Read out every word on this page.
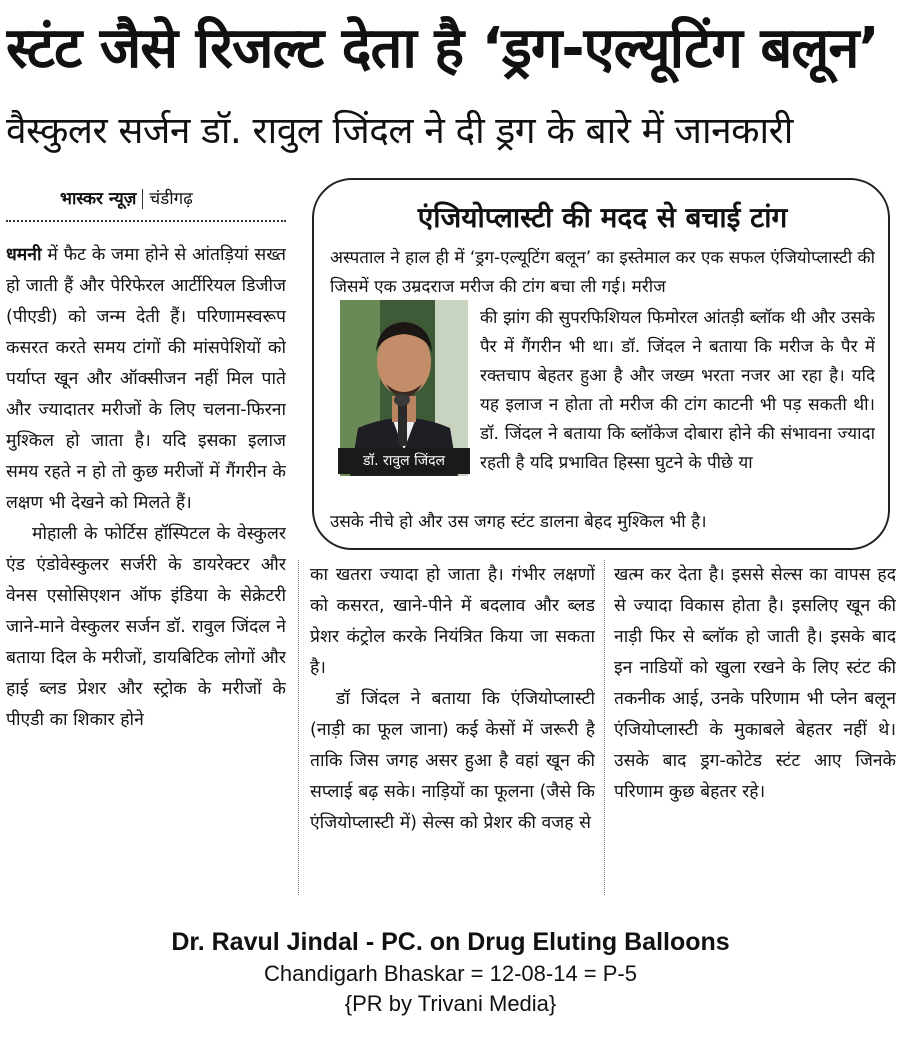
स्टंट जैसे रिजल्ट देता है ‘ड्रग-एल्यूटिंग बलून’
वैस्कुलर सर्जन डॉ. रावुल जिंदल ने दी ड्रग के बारे में जानकारी
भास्कर न्यूज़ चंडीगढ़

धमनी में फैट के जमा होने से आंतड़ियां सख्त हो जाती हैं और पेरिफेरल आर्टीरियल डिजीज (पीएडी) को जन्म देती हैं। परिणामस्वरूप कसरत करते समय टांगों की मांसपेशियों को पर्याप्त खून और ऑक्सीजन नहीं मिल पाते और ज्यादातर मरीजों के लिए चलना-फिरना मुश्किल हो जाता है। यदि इसका इलाज समय रहते न हो तो कुछ मरीजों में गैंगरीन के लक्षण भी देखने को मिलते हैं।

मोहाली के फोर्टिस हॉस्पिटल के वेस्कुलर एंड एंडोवेस्कुलर सर्जरी के डायरेक्टर और वेनस एसोसिएशन ऑफ इंडिया के सेक्रेटरी जाने-माने वेस्कुलर सर्जन डॉ. रावुल जिंदल ने बताया दिल के मरीजों, डायबिटिक लोगों और हाई ब्लड प्रेशर और स्ट्रोक के मरीजों के पीएडी का शिकार होने

का खतरा ज्यादा हो जाता है। गंभीर लक्षणों को कसरत, खाने-पीने में बदलाव और ब्लड प्रेशर कंट्रोल करके नियंत्रित किया जा सकता है।

डॉ जिंदल ने बताया कि एंजियोप्लास्टी (नाड़ी का फूल जाना) कई केसों में जरूरी है ताकि जिस जगह असर हुआ है वहां खून की सप्लाई बढ़ सके। नाड़ियों का फूलना (जैसे कि एंजियोप्लास्टी में) सेल्स को प्रेशर की वजह से

खत्म कर देता है। इससे सेल्स का वापस हद से ज्यादा विकास होता है। इसलिए खून की नाड़ी फिर से ब्लॉक हो जाती है। इसके बाद इन नाडियों को खुला रखने के लिए स्टंट की तकनीक आई, उनके परिणाम भी प्लेन बलून एंजियोप्लास्टी के मुकाबले बेहतर नहीं थे। उसके बाद ड्रग-कोटेड स्टंट आए जिनके परिणाम कुछ बेहतर रहे।

एंजियोप्लास्टी की मदद से बचाई टांग
अस्पताल ने हाल ही में ‘ड्रग-एल्यूटिंग बलून’ का इस्तेमाल कर एक सफल एंजियोप्लास्टी की जिसमें एक उम्रदराज मरीज की टांग बचा ली गई। मरीज
डॉ. रावुल जिंदल
की झांग की सुपरफिशियल फिमोरल आंतड़ी ब्लॉक थी और उसके पैर में गैंगरीन भी था। डॉ. जिंदल ने बताया कि मरीज के पैर में रक्तचाप बेहतर हुआ है और जख्म भरता नजर आ रहा है। यदि यह इलाज न होता तो मरीज की टांग काटनी भी पड़ सकती थी। डॉ. जिंदल ने बताया कि ब्लॉकेज दोबारा होने की संभावना ज्यादा रहती है यदि प्रभावित हिस्सा घुटने के पीछे या
उसके नीचे हो और उस जगह स्टंट डालना बेहद मुश्किल भी है।
Dr. Ravul Jindal - PC. on Drug Eluting Balloons
Chandigarh Bhaskar = 12-08-14 = P-5
{PR by Trivani Media}
